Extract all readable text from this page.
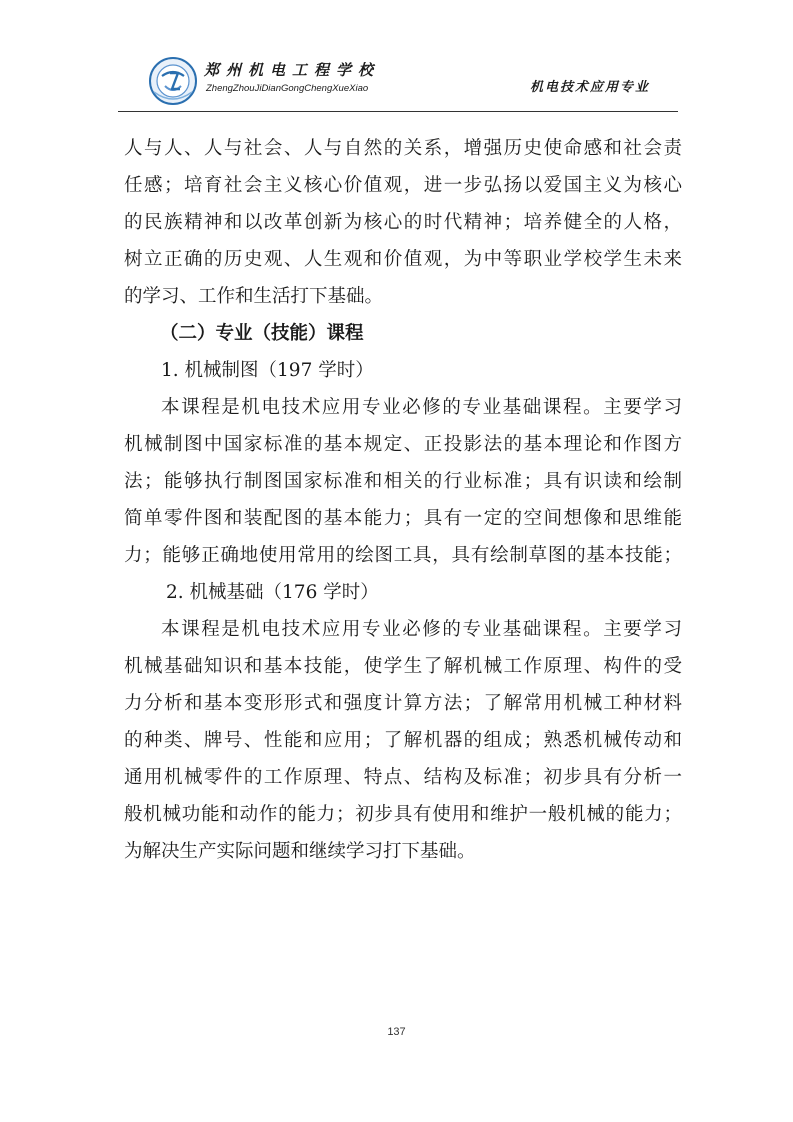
郑州机电工程学校
ZhengZhouJiDianGongChengXueXiao	机电技术应用专业
人与人、人与社会、人与自然的关系，增强历史使命感和社会责
任感；培育社会主义核心价值观，进一步弘扬以爱国主义为核心
的民族精神和以改革创新为核心的时代精神；培养健全的人格，
树立正确的历史观、人生观和价值观，为中等职业学校学生未来
的学习、工作和生活打下基础。
（二）专业（技能）课程
1. 机械制图（197 学时）
本课程是机电技术应用专业必修的专业基础课程。主要学习
机械制图中国家标准的基本规定、正投影法的基本理论和作图方
法；能够执行制图国家标准和相关的行业标准；具有识读和绘制
简单零件图和装配图的基本能力；具有一定的空间想像和思维能
力；能够正确地使用常用的绘图工具，具有绘制草图的基本技能；
2. 机械基础（176 学时）
本课程是机电技术应用专业必修的专业基础课程。主要学习
机械基础知识和基本技能，使学生了解机械工作原理、构件的受
力分析和基本变形形式和强度计算方法；了解常用机械工种材料
的种类、牌号、性能和应用；了解机器的组成；熟悉机械传动和
通用机械零件的工作原理、特点、结构及标准；初步具有分析一
般机械功能和动作的能力；初步具有使用和维护一般机械的能力；
为解决生产实际问题和继续学习打下基础。
137
